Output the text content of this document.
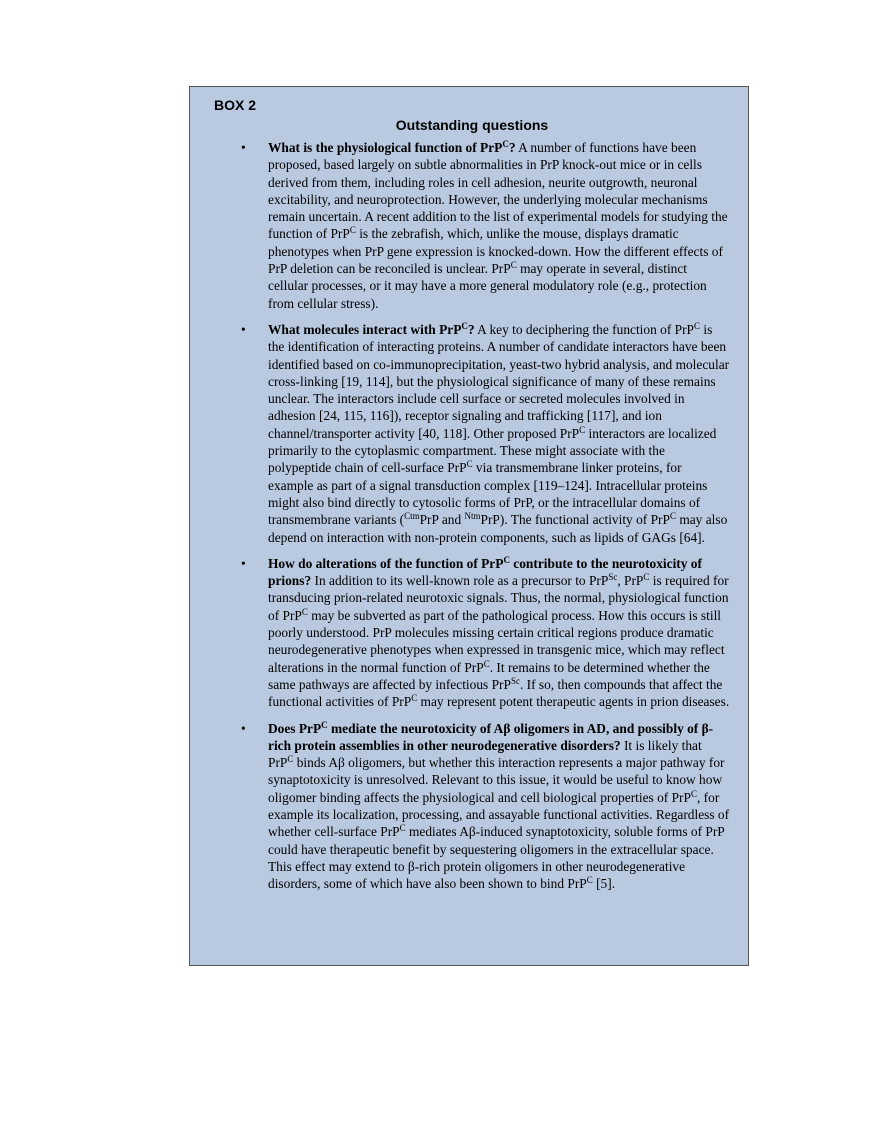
BOX 2
Outstanding questions
• What is the physiological function of PrP$^C$? A number of functions have been proposed, based largely on subtle abnormalities in PrP knock-out mice or in cells derived from them, including roles in cell adhesion, neurite outgrowth, neuronal excitability, and neuroprotection. However, the underlying molecular mechanisms remain uncertain. A recent addition to the list of experimental models for studying the function of PrP$^C$ is the zebrafish, which, unlike the mouse, displays dramatic phenotypes when PrP gene expression is knocked-down. How the different effects of PrP deletion can be reconciled is unclear. PrP$^C$ may operate in several, distinct cellular processes, or it may have a more general modulatory role (e.g., protection from cellular stress).
• What molecules interact with PrP$^C$? A key to deciphering the function of PrP$^C$ is the identification of interacting proteins. A number of candidate interactors have been identified based on co-immunoprecipitation, yeast-two hybrid analysis, and molecular cross-linking [19, 114], but the physiological significance of many of these remains unclear. The interactors include cell surface or secreted molecules involved in adhesion [24, 115, 116]), receptor signaling and trafficking [117], and ion channel/transporter activity [40, 118]. Other proposed PrP$^C$ interactors are localized primarily to the cytoplasmic compartment. These might associate with the polypeptide chain of cell-surface PrP$^C$ via transmembrane linker proteins, for example as part of a signal transduction complex [119–124]. Intracellular proteins might also bind directly to cytosolic forms of PrP, or the intracellular domains of transmembrane variants ($^{Ctm}$PrP and $^{Ntm}$PrP). The functional activity of PrP$^C$ may also depend on interaction with non-protein components, such as lipids of GAGs [64].
• How do alterations of the function of PrP$^C$ contribute to the neurotoxicity of prions? In addition to its well-known role as a precursor to PrP$^{Sc}$, PrP$^C$ is required for transducing prion-related neurotoxic signals. Thus, the normal, physiological function of PrP$^C$ may be subverted as part of the pathological process. How this occurs is still poorly understood. PrP molecules missing certain critical regions produce dramatic neurodegenerative phenotypes when expressed in transgenic mice, which may reflect alterations in the normal function of PrP$^C$. It remains to be determined whether the same pathways are affected by infectious PrP$^{Sc}$. If so, then compounds that affect the functional activities of PrP$^C$ may represent potent therapeutic agents in prion diseases.
• Does PrP$^C$ mediate the neurotoxicity of Aβ oligomers in AD, and possibly of β-rich protein assemblies in other neurodegenerative disorders? It is likely that PrP$^C$ binds Aβ oligomers, but whether this interaction represents a major pathway for synaptotoxicity is unresolved. Relevant to this issue, it would be useful to know how oligomer binding affects the physiological and cell biological properties of PrP$^C$, for example its localization, processing, and assayable functional activities. Regardless of whether cell-surface PrP$^C$ mediates Aβ-induced synaptotoxicity, soluble forms of PrP could have therapeutic benefit by sequestering oligomers in the extracellular space. This effect may extend to β-rich protein oligomers in other neurodegenerative disorders, some of which have also been shown to bind PrP$^C$ [5].
